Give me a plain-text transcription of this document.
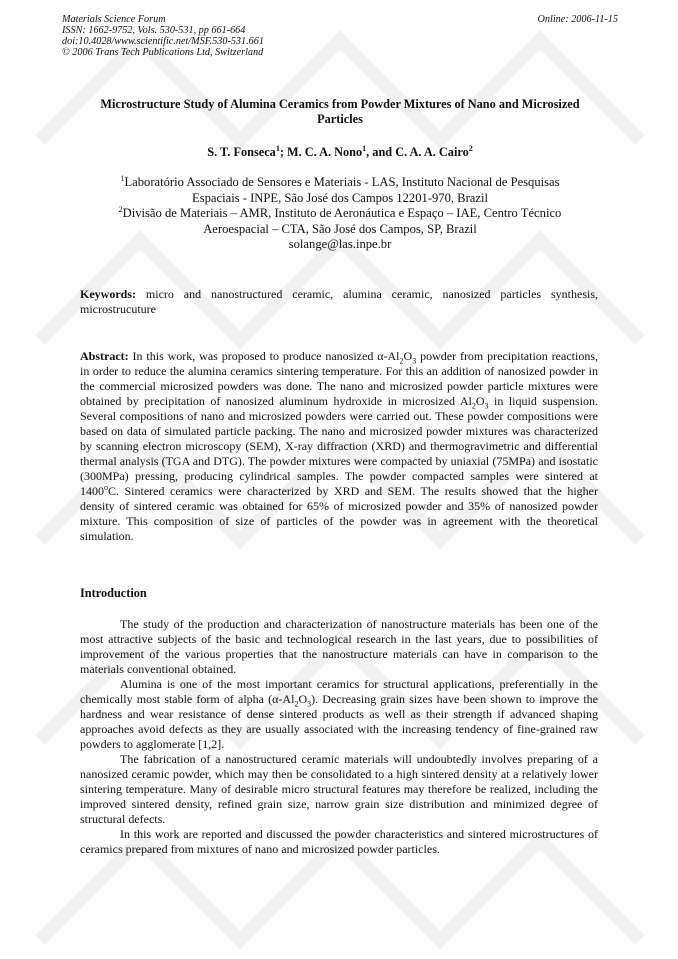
Materials Science Forum
ISSN: 1662-9752, Vols. 530-531, pp 661-664
doi:10.4028/www.scientific.net/MSF.530-531.661
© 2006 Trans Tech Publications Ltd, Switzerland
Online: 2006-11-15
Microstructure Study of Alumina Ceramics from Powder Mixtures of Nano and Microsized Particles
S. T. Fonseca$^1$; M. C. A. Nono$^1$, and C. A. A. Cairo$^2$
$^1$Laboratório Associado de Sensores e Materiais - LAS, Instituto Nacional de Pesquisas
Espaciais - INPE, São José dos Campos 12201-970, Brazil
$^2$Divisão de Materiais – AMR, Instituto de Aeronáutica e Espaço – IAE, Centro Técnico
Aeroespacial – CTA, São José dos Campos, SP, Brazil
solange@las.inpe.br
Keywords: micro and nanostructured ceramic, alumina ceramic, nanosized particles synthesis, microstrucuture
Abstract: In this work, was proposed to produce nanosized $\alpha-Al_2O_3$ powder from precipitation reactions, in order to reduce the alumina ceramics sintering temperature. For this an addition of nanosized powder in the commercial microsized powders was done. The nano and microsized powder particle mixtures were obtained by precipitation of nanosized aluminum hydroxide in microsized $Al_2O_3$ in liquid suspension. Several compositions of nano and microsized powders were carried out. These powder compositions were based on data of simulated particle packing. The nano and microsized powder mixtures was characterized by scanning electron microscopy (SEM), X-ray diffraction (XRD) and thermogravimetric and differential thermal analysis (TGA and DTG). The powder mixtures were compacted by uniaxial (75MPa) and isostatic (300MPa) pressing, producing cylindrical samples. The powder compacted samples were sintered at 1400$^o$C. Sintered ceramics were characterized by XRD and SEM. The results showed that the higher density of sintered ceramic was obtained for 65% of microsized powder and 35% of nanosized powder mixture. This composition of size of particles of the powder was in agreement with the theoretical simulation.
Introduction

The study of the production and characterization of nanostructure materials has been one of the most attractive subjects of the basic and technological research in the last years, due to possibilities of improvement of the various properties that the nanostructure materials can have in comparison to the materials conventional obtained.

Alumina is one of the most important ceramics for structural applications, preferentially in the chemically most stable form of alpha $(\alpha-Al_2O_3)$. Decreasing grain sizes have been shown to improve the hardness and wear resistance of dense sintered products as well as their strength if advanced shaping approaches avoid defects as they are usually associated with the increasing tendency of fine-grained raw powders to agglomerate [1,2].

The fabrication of a nanostructured ceramic materials will undoubtedly involves preparing of a nanosized ceramic powder, which may then be consolidated to a high sintered density at a relatively lower sintering temperature. Many of desirable micro structural features may therefore be realized, including the improved sintered density, refined grain size, narrow grain size distribution and minimized degree of structural defects.

In this work are reported and discussed the powder characteristics and sintered microstructures of ceramics prepared from mixtures of nano and microsized powder particles.
